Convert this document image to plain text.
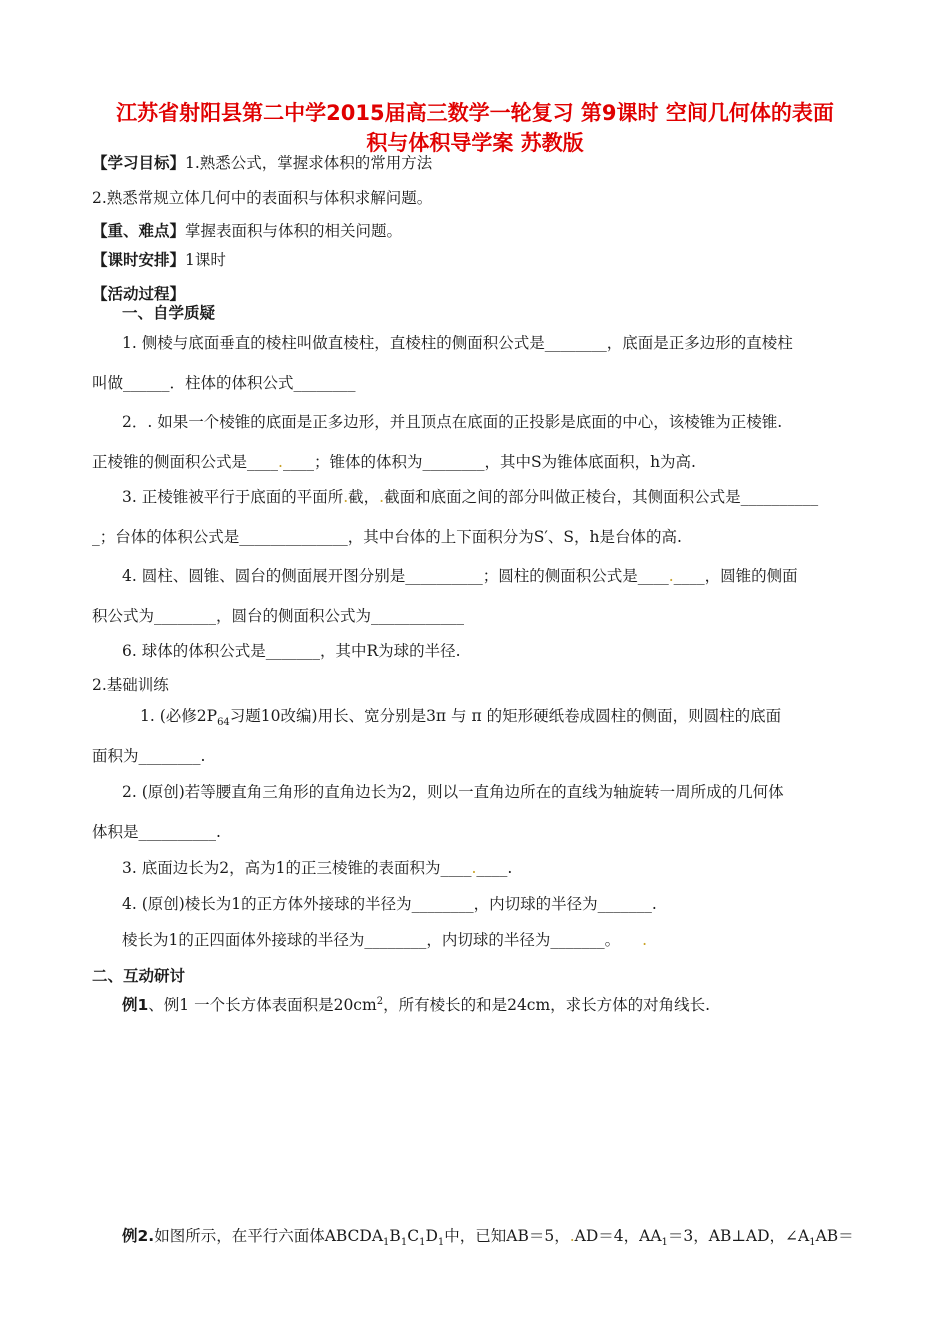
江苏省射阳县第二中学2015届高三数学一轮复习 第9课时 空间几何体的表面
积与体积导学案 苏教版
【学习目标】1.熟悉公式，掌握求体积的常用方法
2.熟悉常规立体几何中的表面积与体积求解问题。
【重、难点】掌握表面积与体积的相关问题。
【课时安排】1课时
【活动过程】
一、自学质疑
1. 侧棱与底面垂直的棱柱叫做直棱柱，直棱柱的侧面积公式是________，底面是正多边形的直棱柱
叫做______．柱体的体积公式________
2．. 如果一个棱锥的底面是正多边形，并且顶点在底面的正投影是底面的中心，该棱锥为正棱锥.
正棱锥的侧面积公式是____.____；锥体的体积为________，其中S为锥体底面积，h为高.
3. 正棱锥被平行于底面的平面所.截，.截面和底面之间的部分叫做正棱台，其侧面积公式是__________
_；台体的体积公式是______________，其中台体的上下面积分为S′、S，h是台体的高.
4. 圆柱、圆锥、圆台的侧面展开图分别是__________；圆柱的侧面积公式是____.____，圆锥的侧面
积公式为________，圆台的侧面积公式为____________
6. 球体的体积公式是_______，其中R为球的半径.
2.基础训练
1. (必修$2P_{64}$习题10改编)用长、宽分别是3π 与 π 的矩形硬纸卷成圆柱的侧面，则圆柱的底面
面积为________.
2. (原创)若等腰直角三角形的直角边长为2，则以一直角边所在的直线为轴旋转一周所成的几何体
体积是__________.
3. 底面边长为2，高为1的正三棱锥的表面积为____.____.
4. (原创)棱长为1的正方体外接球的半径为________，内切球的半径为_______.
棱长为1的正四面体外接球的半径为________，内切球的半径为_______。 .
二、互动研讨
例1、例1 一个长方体表面积是$20cm^2$，所有棱长的和是24cm，求长方体的对角线长.
例2.如图所示，在平行六面体$ABCDA_1B_1C_1D_1$中，已知AB＝5，.AD＝4，$AA_1=3$，AB⊥AD，$\angle A_1AB=$
